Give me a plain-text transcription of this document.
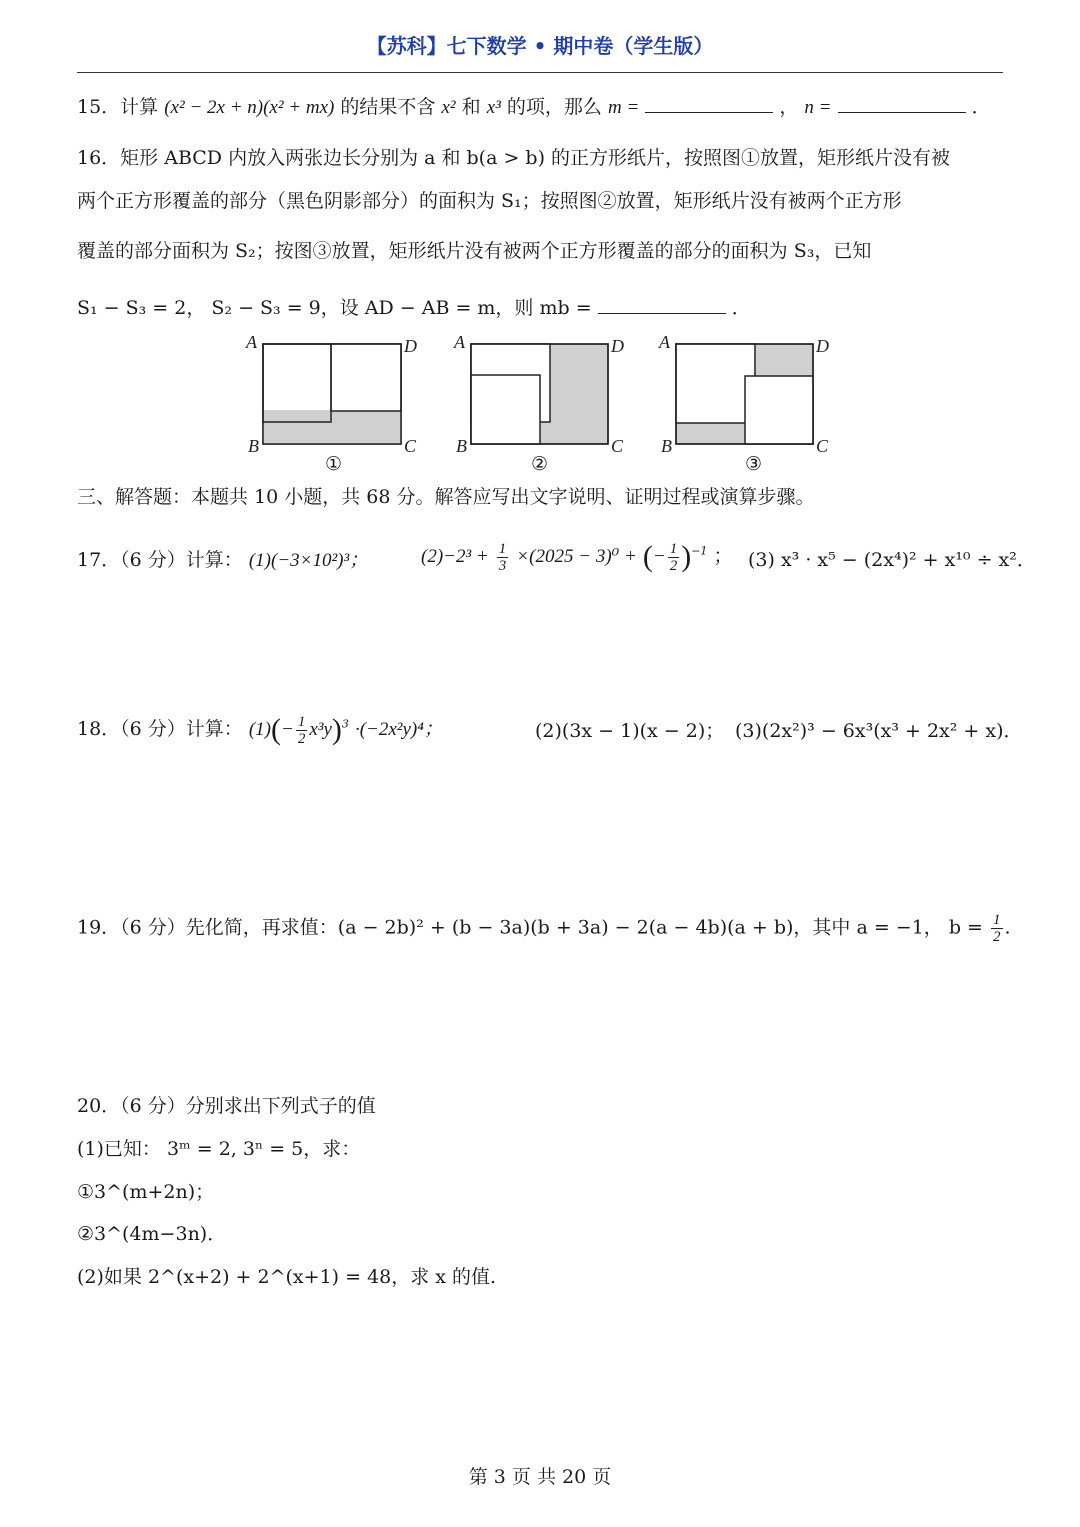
【苏科】七下数学 • 期中卷（学生版）
15．计算 (x² − 2x + n)(x² + mx) 的结果不含 x² 和 x³ 的项，那么 m =	， n =	．
16．矩形 ABCD 内放入两张边长分别为 a 和 b(a > b) 的正方形纸片，按照图①放置，矩形纸片没有被
两个正方形覆盖的部分（黑色阴影部分）的面积为 S₁；按照图②放置，矩形纸片没有被两个正方形
覆盖的部分面积为 S₂；按图③放置，矩形纸片没有被两个正方形覆盖的部分的面积为 S₃，已知
S₁ − S₃ = 2， S₂ − S₃ = 9，设 AD − AB = m，则 mb =	．
A	D
B	C
①
A	D
B	C
②
A	D
B	C
③
三、解答题：本题共 10 小题，共 68 分。解答应写出文字说明、证明过程或演算步骤。
17．（6 分）计算： (1)(−3×10²)³；	$(2)-2^3 + \frac{1}{3} \times(2025 - 3)^0$ + (− $\frac{1}{2} )^{-1}$ ； (3) x³ · x⁵ − (2x⁴)² + x¹⁰ ÷ x²．
18．（6 分）计算： $(1)(- \frac{1}{2} x^3y)^3 \cdot(-2x^2y)^4$；	(2)(3x − 1)(x − 2)； (3)(2x²)³ − 6x³(x³ + 2x² + x)．
19．（6 分）先化简，再求值：(a − 2b)² + (b − 3a)(b + 3a) − 2(a − 4b)(a + b)，其中 a = −1， $b = \frac{1}{2}$ .
20．（6 分）分别求出下列式子的值
(1)已知： 3ᵐ = 2, 3ⁿ = 5，求：
①3^(m+2n)；
②3^(4m−3n)．
(2)如果 2^(x+2) + 2^(x+1) = 48，求 x 的值.
第 3 页 共 20 页
